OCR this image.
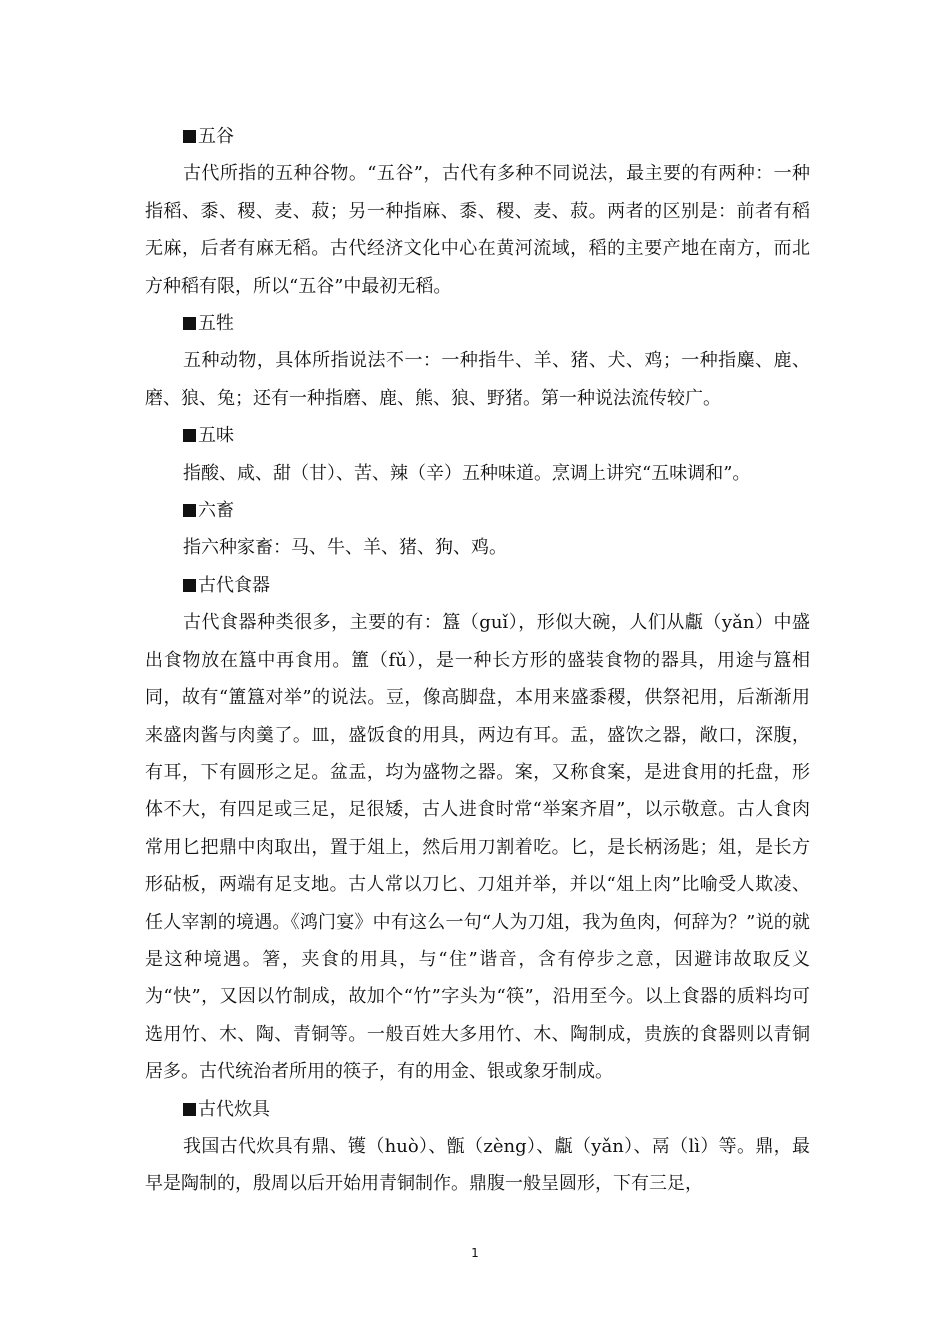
五谷

古代所指的五种谷物。“五谷”，古代有多种不同说法，最主要的有两种：一种指稻、黍、稷、麦、菽；另一种指麻、黍、稷、麦、菽。两者的区别是：前者有稻无麻，后者有麻无稻。古代经济文化中心在黄河流域，稻的主要产地在南方，而北方种稻有限，所以“五谷”中最初无稻。

五牲

五种动物，具体所指说法不一：一种指牛、羊、猪、犬、鸡；一种指麋、鹿、磨、狼、兔；还有一种指磨、鹿、熊、狼、野猪。第一种说法流传较广。

五味

指酸、咸、甜（甘）、苦、辣（辛）五种味道。烹调上讲究“五味调和”。

六畜

指六种家畜：马、牛、羊、猪、狗、鸡。

古代食器

古代食器种类很多，主要的有：簋（guǐ），形似大碗，人们从甗（yǎn）中盛出食物放在簋中再食用。簠（fǔ），是一种长方形的盛装食物的器具，用途与簋相同，故有“簠簋对举”的说法。豆，像高脚盘，本用来盛黍稷，供祭祀用，后渐渐用来盛肉酱与肉羹了。皿，盛饭食的用具，两边有耳。盂，盛饮之器，敞口，深腹，有耳，下有圆形之足。盆盂，均为盛物之器。案，又称食案，是进食用的托盘，形体不大，有四足或三足，足很矮，古人进食时常“举案齐眉”，以示敬意。古人食肉常用匕把鼎中肉取出，置于俎上，然后用刀割着吃。匕，是长柄汤匙；俎，是长方形砧板，两端有足支地。古人常以刀匕、刀俎并举，并以“俎上肉”比喻受人欺凌、任人宰割的境遇。《鸿门宴》中有这么一句“人为刀俎，我为鱼肉，何辞为？”说的就是这种境遇。箸，夹食的用具，与“住”谐音，含有停步之意，因避讳故取反义为“快”，又因以竹制成，故加个“竹”字头为“筷”，沿用至今。以上食器的质料均可选用竹、木、陶、青铜等。一般百姓大多用竹、木、陶制成，贵族的食器则以青铜居多。古代统治者所用的筷子，有的用金、银或象牙制成。

古代炊具

我国古代炊具有鼎、镬（huò）、甑（zèng）、甗（yǎn）、鬲（lì）等。鼎，最早是陶制的，殷周以后开始用青铜制作。鼎腹一般呈圆形，下有三足，

1
